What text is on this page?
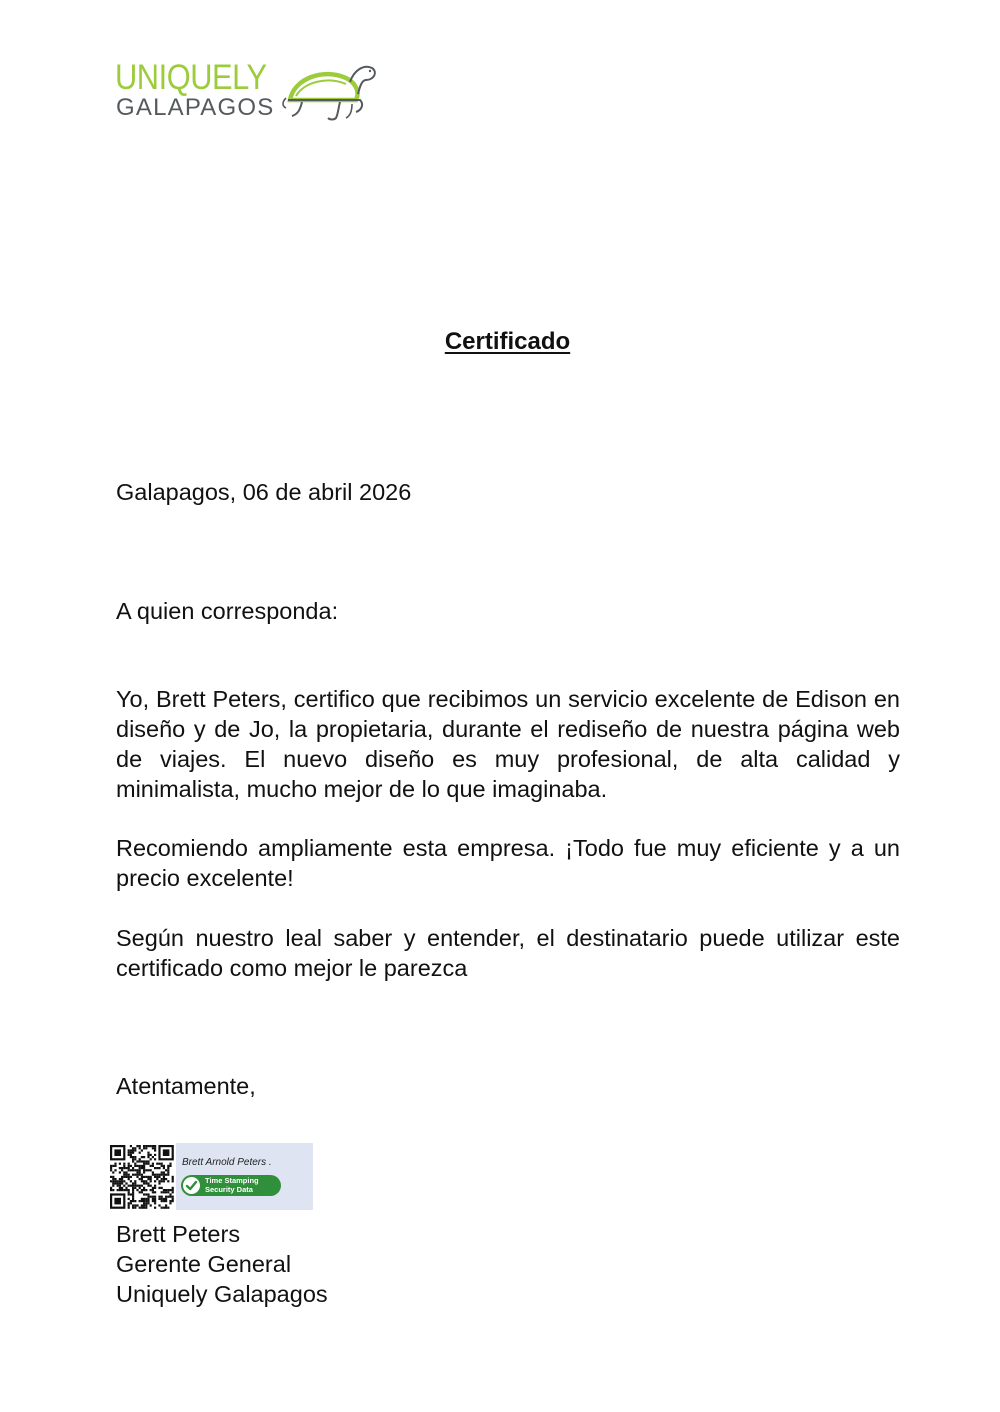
UNIQUELY
GALAPAGOS
Certificado
Galapagos, 06 de abril 2026
A quien corresponda:
Yo, Brett Peters, certifico que recibimos un servicio excelente de Edison en diseño y de Jo, la propietaria, durante el rediseño de nuestra página web de viajes. El nuevo diseño es muy profesional, de alta calidad y minimalista, mucho mejor de lo que imaginaba.
Recomiendo ampliamente esta empresa. ¡Todo fue muy eficiente y a un precio excelente!
Según nuestro leal saber y entender, el destinatario puede utilizar este certificado como mejor le parezca
Atentamente,
Brett Arnold Peters .
Time Stamping
Security Data
Brett Peters
Gerente General
Uniquely Galapagos
